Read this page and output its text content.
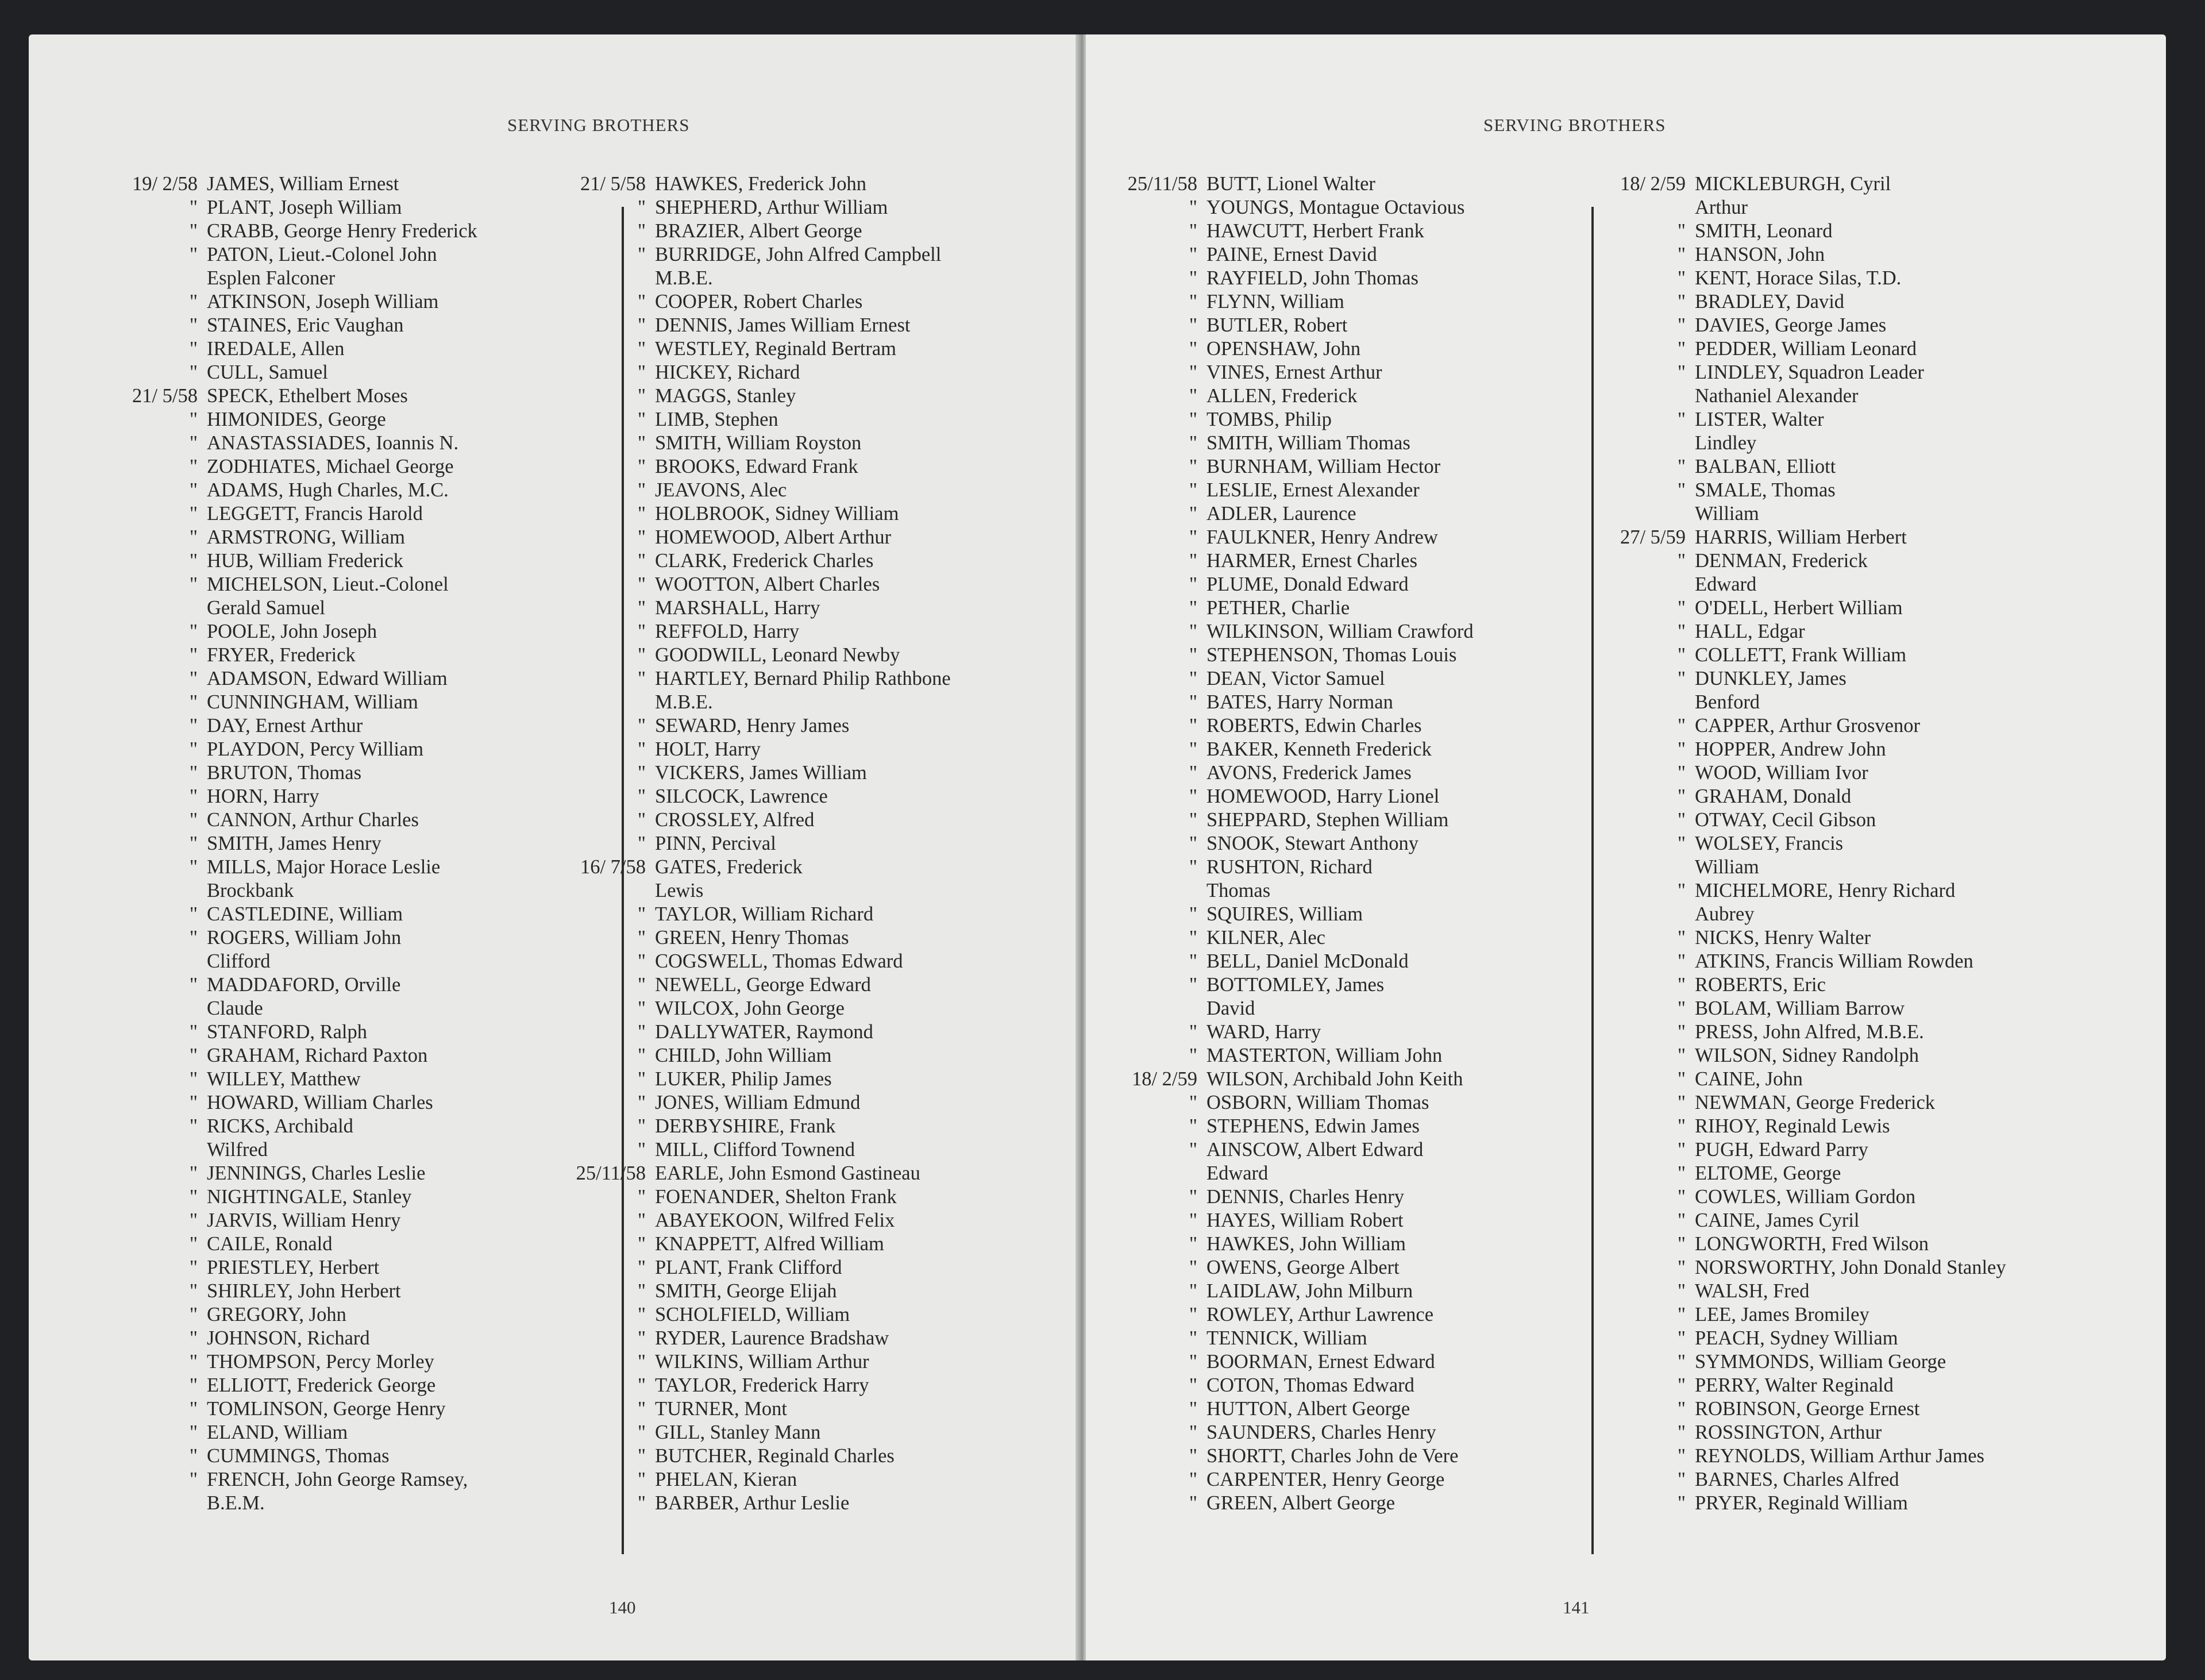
SERVING BROTHERS
19/ 2/58 JAMES, William Ernest
" PLANT, Joseph William
" CRABB, George Henry Frederick
" PATON, Lieut.-Colonel John
Esplen Falconer
" ATKINSON, Joseph William
" STAINES, Eric Vaughan
" IREDALE, Allen
" CULL, Samuel
21/ 5/58 SPECK, Ethelbert Moses
" HIMONIDES, George
" ANASTASSIADES, Ioannis N.
" ZODHIATES, Michael George
" ADAMS, Hugh Charles, M.C.
" LEGGETT, Francis Harold
" ARMSTRONG, William
" HUB, William Frederick
" MICHELSON, Lieut.-Colonel
Gerald Samuel
" POOLE, John Joseph
" FRYER, Frederick
" ADAMSON, Edward William
" CUNNINGHAM, William
" DAY, Ernest Arthur
" PLAYDON, Percy William
" BRUTON, Thomas
" HORN, Harry
" CANNON, Arthur Charles
" SMITH, James Henry
" MILLS, Major Horace Leslie
Brockbank
" CASTLEDINE, William
" ROGERS, William John
Clifford
" MADDAFORD, Orville
Claude
" STANFORD, Ralph
" GRAHAM, Richard Paxton
" WILLEY, Matthew
" HOWARD, William Charles
" RICKS, Archibald
Wilfred
" JENNINGS, Charles Leslie
" NIGHTINGALE, Stanley
" JARVIS, William Henry
" CAILE, Ronald
" PRIESTLEY, Herbert
" SHIRLEY, John Herbert
" GREGORY, John
" JOHNSON, Richard
" THOMPSON, Percy Morley
" ELLIOTT, Frederick George
" TOMLINSON, George Henry
" ELAND, William
" CUMMINGS, Thomas
" FRENCH, John George Ramsey,
B.E.M.
21/ 5/58 HAWKES, Frederick John
" SHEPHERD, Arthur William
" BRAZIER, Albert George
" BURRIDGE, John Alfred Campbell
M.B.E.
" COOPER, Robert Charles
" DENNIS, James William Ernest
" WESTLEY, Reginald Bertram
" HICKEY, Richard
" MAGGS, Stanley
" LIMB, Stephen
" SMITH, William Royston
" BROOKS, Edward Frank
" JEAVONS, Alec
" HOLBROOK, Sidney William
" HOMEWOOD, Albert Arthur
" CLARK, Frederick Charles
" WOOTTON, Albert Charles
" MARSHALL, Harry
" REFFOLD, Harry
" GOODWILL, Leonard Newby
" HARTLEY, Bernard Philip Rathbone
M.B.E.
" SEWARD, Henry James
" HOLT, Harry
" VICKERS, James William
" SILCOCK, Lawrence
" CROSSLEY, Alfred
" PINN, Percival
16/ 7/58 GATES, Frederick
Lewis
" TAYLOR, William Richard
" GREEN, Henry Thomas
" COGSWELL, Thomas Edward
" NEWELL, George Edward
" WILCOX, John George
" DALLYWATER, Raymond
" CHILD, John William
" LUKER, Philip James
" JONES, William Edmund
" DERBYSHIRE, Frank
" MILL, Clifford Townend
25/11/58 EARLE, John Esmond Gastineau
" FOENANDER, Shelton Frank
" ABAYEKOON, Wilfred Felix
" KNAPPETT, Alfred William
" PLANT, Frank Clifford
" SMITH, George Elijah
" SCHOLFIELD, William
" RYDER, Laurence Bradshaw
" WILKINS, William Arthur
" TAYLOR, Frederick Harry
" TURNER, Mont
" GILL, Stanley Mann
" BUTCHER, Reginald Charles
" PHELAN, Kieran
" BARBER, Arthur Leslie
140
25/11/58 BUTT, Lionel Walter
" YOUNGS, Montague Octavious
" HAWCUTT, Herbert Frank
" PAINE, Ernest David
" RAYFIELD, John Thomas
" FLYNN, William
" BUTLER, Robert
" OPENSHAW, John
" VINES, Ernest Arthur
" ALLEN, Frederick
" TOMBS, Philip
" SMITH, William Thomas
" BURNHAM, William Hector
" LESLIE, Ernest Alexander
" ADLER, Laurence
" FAULKNER, Henry Andrew
" HARMER, Ernest Charles
" PLUME, Donald Edward
" PETHER, Charlie
" WILKINSON, William Crawford
" STEPHENSON, Thomas Louis
" DEAN, Victor Samuel
" BATES, Harry Norman
" ROBERTS, Edwin Charles
" BAKER, Kenneth Frederick
" AVONS, Frederick James
" HOMEWOOD, Harry Lionel
" SHEPPARD, Stephen William
" SNOOK, Stewart Anthony
" RUSHTON, Richard
Thomas
" SQUIRES, William
" KILNER, Alec
" BELL, Daniel McDonald
" BOTTOMLEY, James
David
" WARD, Harry
" MASTERTON, William John
18/ 2/59 WILSON, Archibald John Keith
" OSBORN, William Thomas
" STEPHENS, Edwin James
" AINSCOW, Albert Edward
Edward
" DENNIS, Charles Henry
" HAYES, William Robert
" HAWKES, John William
" OWENS, George Albert
" LAIDLAW, John Milburn
" ROWLEY, Arthur Lawrence
" TENNICK, William
" BOORMAN, Ernest Edward
" COTON, Thomas Edward
" HUTTON, Albert George
" SAUNDERS, Charles Henry
" SHORTT, Charles John de Vere
" CARPENTER, Henry George
" GREEN, Albert George
SERVING BROTHERS
18/ 2/59 MICKLEBURGH, Cyril
Arthur
" SMITH, Leonard
" HANSON, John
" KENT, Horace Silas, T.D.
" BRADLEY, David
" DAVIES, George James
" PEDDER, William Leonard
" LINDLEY, Squadron Leader
Nathaniel Alexander
" LISTER, Walter
Lindley
" BALBAN, Elliott
" SMALE, Thomas
William
27/ 5/59 HARRIS, William Herbert
" DENMAN, Frederick
Edward
" O'DELL, Herbert William
" HALL, Edgar
" COLLETT, Frank William
" DUNKLEY, James
Benford
" CAPPER, Arthur Grosvenor
" HOPPER, Andrew John
" WOOD, William Ivor
" GRAHAM, Donald
" OTWAY, Cecil Gibson
" WOLSEY, Francis
William
" MICHELMORE, Henry Richard
Aubrey
" NICKS, Henry Walter
" ATKINS, Francis William Rowden
" ROBERTS, Eric
" BOLAM, William Barrow
" PRESS, John Alfred, M.B.E.
" WILSON, Sidney Randolph
" CAINE, John
" NEWMAN, George Frederick
" RIHOY, Reginald Lewis
" PUGH, Edward Parry
" ELTOME, George
" COWLES, William Gordon
" CAINE, James Cyril
" LONGWORTH, Fred Wilson
" NORSWORTHY, John Donald Stanley
" WALSH, Fred
" LEE, James Bromiley
" PEACH, Sydney William
" SYMMONDS, William George
" PERRY, Walter Reginald
" ROBINSON, George Ernest
" ROSSINGTON, Arthur
" REYNOLDS, William Arthur James
" BARNES, Charles Alfred
" PRYER, Reginald William
141
